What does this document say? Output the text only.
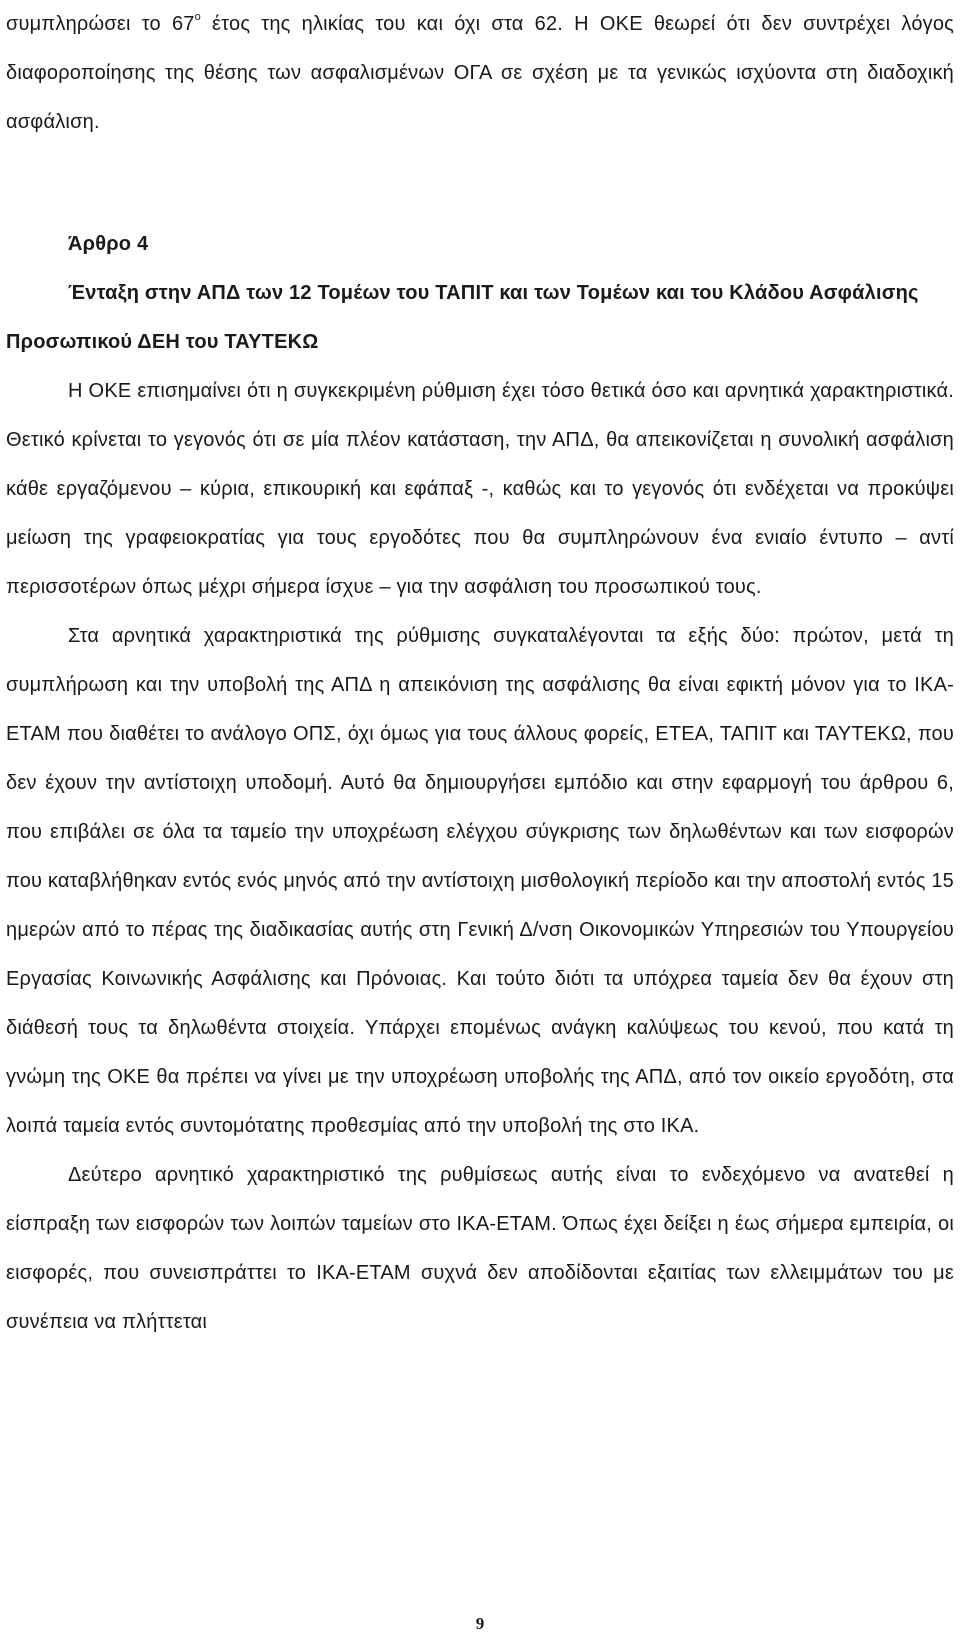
συμπληρώσει το $67^o$ έτος της ηλικίας του και όχι στα 62. Η ΟΚΕ θεωρεί ότι δεν συντρέχει λόγος διαφοροποίησης της θέσης των ασφαλισμένων ΟΓΑ σε σχέση με τα γενικώς ισχύοντα στη διαδοχική ασφάλιση.

Άρθρο 4

Ένταξη στην ΑΠΔ των 12 Τομέων του ΤΑΠΙΤ και των Τομέων και του Κλάδου Ασφάλισης Προσωπικού ΔΕΗ του ΤΑΥΤΕΚΩ

Η ΟΚΕ επισημαίνει ότι η συγκεκριμένη ρύθμιση έχει τόσο θετικά όσο και αρνητικά χαρακτηριστικά. Θετικό κρίνεται το γεγονός ότι σε μία πλέον κατάσταση, την ΑΠΔ, θα απεικονίζεται η συνολική ασφάλιση κάθε εργαζόμενου – κύρια, επικουρική και εφάπαξ -, καθώς και το γεγονός ότι ενδέχεται να προκύψει μείωση της γραφειοκρατίας για τους εργοδότες που θα συμπληρώνουν ένα ενιαίο έντυπο – αντί περισσοτέρων όπως μέχρι σήμερα ίσχυε – για την ασφάλιση του προσωπικού τους.

Στα αρνητικά χαρακτηριστικά της ρύθμισης συγκαταλέγονται τα εξής δύο: πρώτον, μετά τη συμπλήρωση και την υποβολή της ΑΠΔ η απεικόνιση της ασφάλισης θα είναι εφικτή μόνον για το ΙΚΑ-ΕΤΑΜ που διαθέτει το ανάλογο ΟΠΣ, όχι όμως για τους άλλους φορείς, ΕΤΕΑ, ΤΑΠΙΤ και ΤΑΥΤΕΚΩ, που δεν έχουν την αντίστοιχη υποδομή. Αυτό θα δημιουργήσει εμπόδιο και στην εφαρμογή του άρθρου 6, που επιβάλει σε όλα τα ταμείο την υποχρέωση ελέγχου σύγκρισης των δηλωθέντων και των εισφορών που καταβλήθηκαν εντός ενός μηνός από την αντίστοιχη μισθολογική περίοδο και την αποστολή εντός 15 ημερών από το πέρας της διαδικασίας αυτής στη Γενική Δ/νση Οικονομικών Υπηρεσιών του Υπουργείου Εργασίας Κοινωνικής Ασφάλισης και Πρόνοιας. Και τούτο διότι τα υπόχρεα ταμεία δεν θα έχουν στη διάθεσή τους τα δηλωθέντα στοιχεία. Υπάρχει επομένως ανάγκη καλύψεως του κενού, που κατά τη γνώμη της ΟΚΕ θα πρέπει να γίνει με την υποχρέωση υποβολής της ΑΠΔ, από τον οικείο εργοδότη, στα λοιπά ταμεία εντός συντομότατης προθεσμίας από την υποβολή της στο ΙΚΑ.

Δεύτερο αρνητικό χαρακτηριστικό της ρυθμίσεως αυτής είναι το ενδεχόμενο να ανατεθεί η είσπραξη των εισφορών των λοιπών ταμείων στο ΙΚΑ-ΕΤΑΜ. Όπως έχει δείξει η έως σήμερα εμπειρία, οι εισφορές, που συνεισπράττει το ΙΚΑ-ΕΤΑΜ συχνά δεν αποδίδονται εξαιτίας των ελλειμμάτων του με συνέπεια να πλήττεται

9
